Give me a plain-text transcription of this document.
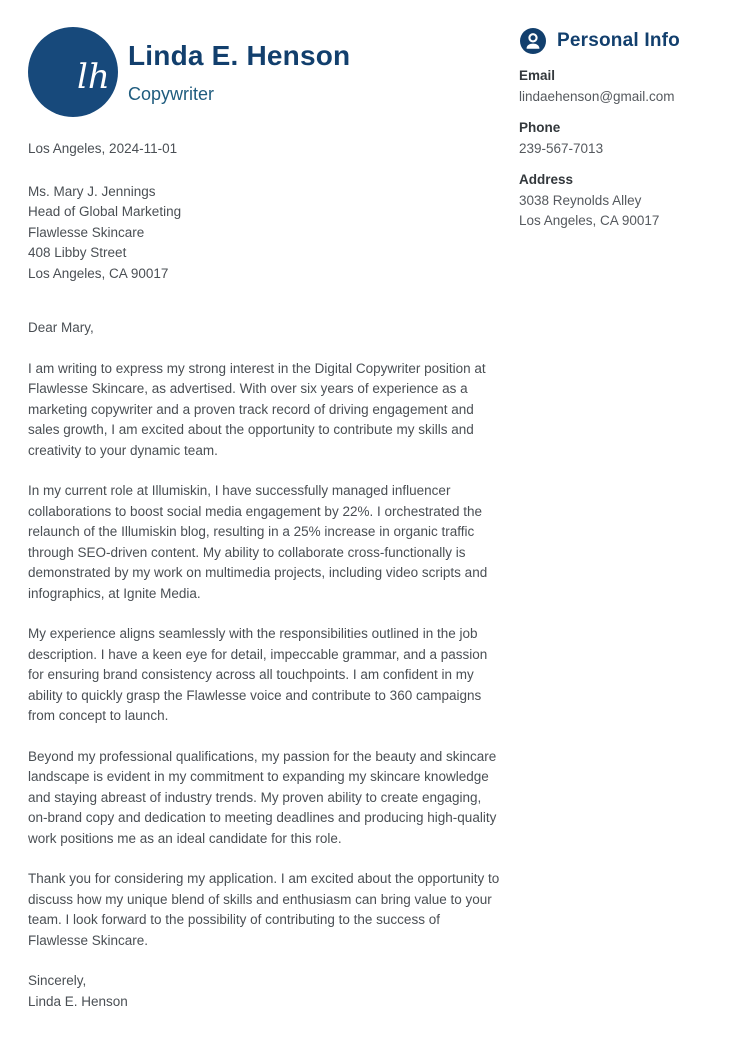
lh
Linda E. Henson
Copywriter

Los Angeles, 2024-11-01

Ms. Mary J. Jennings
Head of Global Marketing
Flawlesse Skincare
408 Libby Street
Los Angeles, CA 90017

Dear Mary,

I am writing to express my strong interest in the Digital Copywriter position at Flawlesse Skincare, as advertised. With over six years of experience as a marketing copywriter and a proven track record of driving engagement and sales growth, I am excited about the opportunity to contribute my skills and creativity to your dynamic team.

In my current role at Illumiskin, I have successfully managed influencer collaborations to boost social media engagement by 22%. I orchestrated the relaunch of the Illumiskin blog, resulting in a 25% increase in organic traffic through SEO-driven content. My ability to collaborate cross-functionally is demonstrated by my work on multimedia projects, including video scripts and infographics, at Ignite Media.

My experience aligns seamlessly with the responsibilities outlined in the job description. I have a keen eye for detail, impeccable grammar, and a passion for ensuring brand consistency across all touchpoints. I am confident in my ability to quickly grasp the Flawlesse voice and contribute to 360 campaigns from concept to launch.

Beyond my professional qualifications, my passion for the beauty and skincare landscape is evident in my commitment to expanding my skincare knowledge and staying abreast of industry trends. My proven ability to create engaging, on-brand copy and dedication to meeting deadlines and producing high-quality work positions me as an ideal candidate for this role.

Thank you for considering my application. I am excited about the opportunity to discuss how my unique blend of skills and enthusiasm can bring value to your team. I look forward to the possibility of contributing to the success of Flawlesse Skincare.

Sincerely,
Linda E. Henson
Personal Info
Email
lindaehenson@gmail.com
Phone
239-567-7013
Address
3038 Reynolds Alley
Los Angeles, CA 90017
